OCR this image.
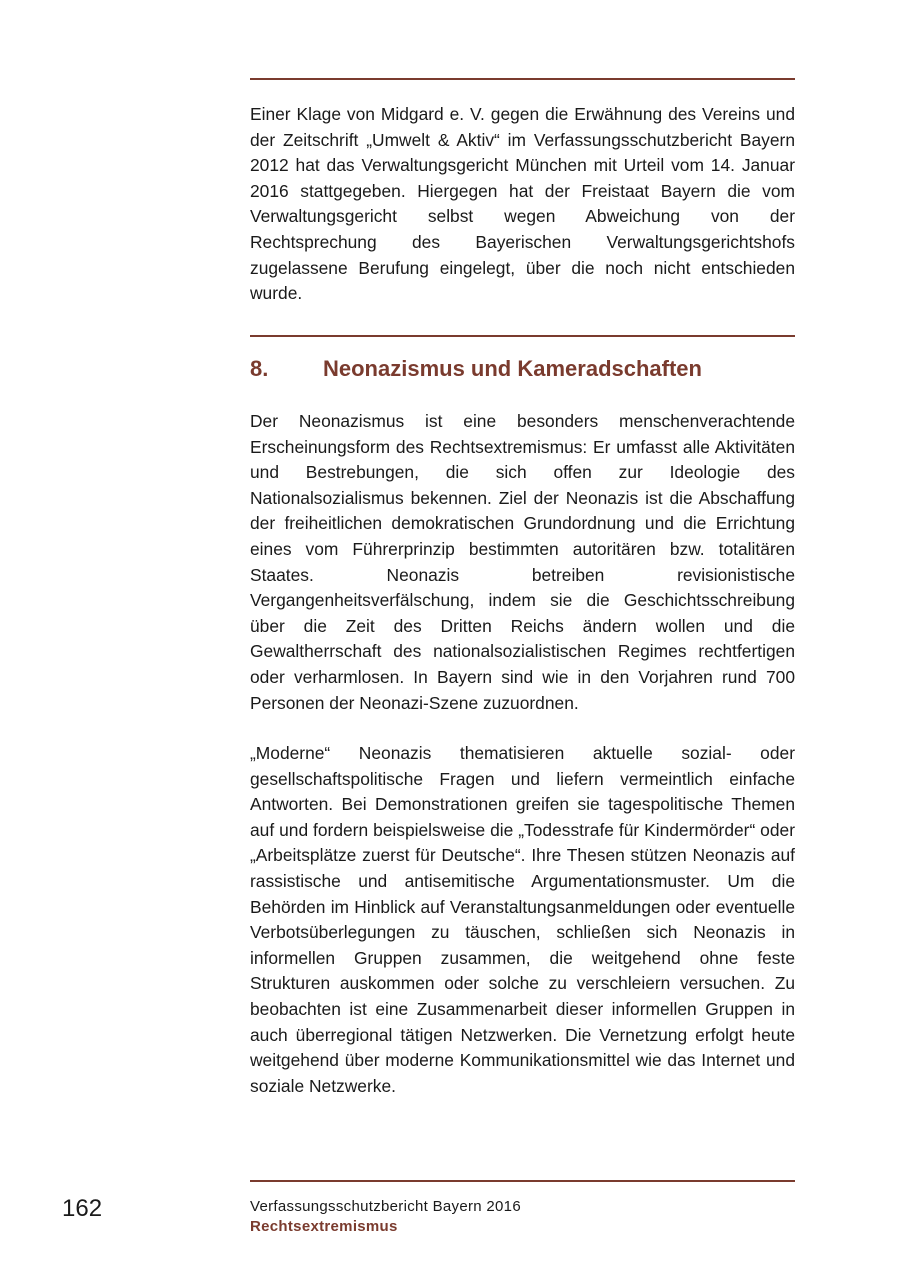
Einer Klage von Midgard e. V. gegen die Erwähnung des Vereins und der Zeitschrift „Umwelt & Aktiv“ im Verfassungsschutzbericht Bayern 2012 hat das Verwaltungsgericht München mit Urteil vom 14. Januar 2016 stattgegeben. Hiergegen hat der Freistaat Bayern die vom Verwaltungsgericht selbst wegen Abweichung von der Rechtsprechung des Bayerischen Verwaltungsgerichtshofs zugelassene Berufung eingelegt, über die noch nicht entschieden wurde.

8. Neonazismus und Kameradschaften

Der Neonazismus ist eine besonders menschenverachtende Erscheinungsform des Rechtsextremismus: Er umfasst alle Aktivitäten und Bestrebungen, die sich offen zur Ideologie des Nationalsozialismus bekennen. Ziel der Neonazis ist die Abschaffung der freiheitlichen demokratischen Grundordnung und die Errichtung eines vom Führerprinzip bestimmten autoritären bzw. totalitären Staates. Neonazis betreiben revisionistische Vergangenheitsverfälschung, indem sie die Geschichtsschreibung über die Zeit des Dritten Reichs ändern wollen und die Gewaltherrschaft des nationalsozialistischen Regimes rechtfertigen oder verharmlosen. In Bayern sind wie in den Vorjahren rund 700 Personen der Neonazi-Szene zuzuordnen.

„Moderne“ Neonazis thematisieren aktuelle sozial- oder gesellschaftspolitische Fragen und liefern vermeintlich einfache Antworten. Bei Demonstrationen greifen sie tagespolitische Themen auf und fordern beispielsweise die „Todesstrafe für Kindermörder“ oder „Arbeitsplätze zuerst für Deutsche“. Ihre Thesen stützen Neonazis auf rassistische und antisemitische Argumentationsmuster. Um die Behörden im Hinblick auf Veranstaltungsanmeldungen oder eventuelle Verbotsüberlegungen zu täuschen, schließen sich Neonazis in informellen Gruppen zusammen, die weitgehend ohne feste Strukturen auskommen oder solche zu verschleiern versuchen. Zu beobachten ist eine Zusammenarbeit dieser informellen Gruppen in auch überregional tätigen Netzwerken. Die Vernetzung erfolgt heute weitgehend über moderne Kommunikationsmittel wie das Internet und soziale Netzwerke.

162	Verfassungsschutzbericht Bayern 2016
Rechtsextremismus
